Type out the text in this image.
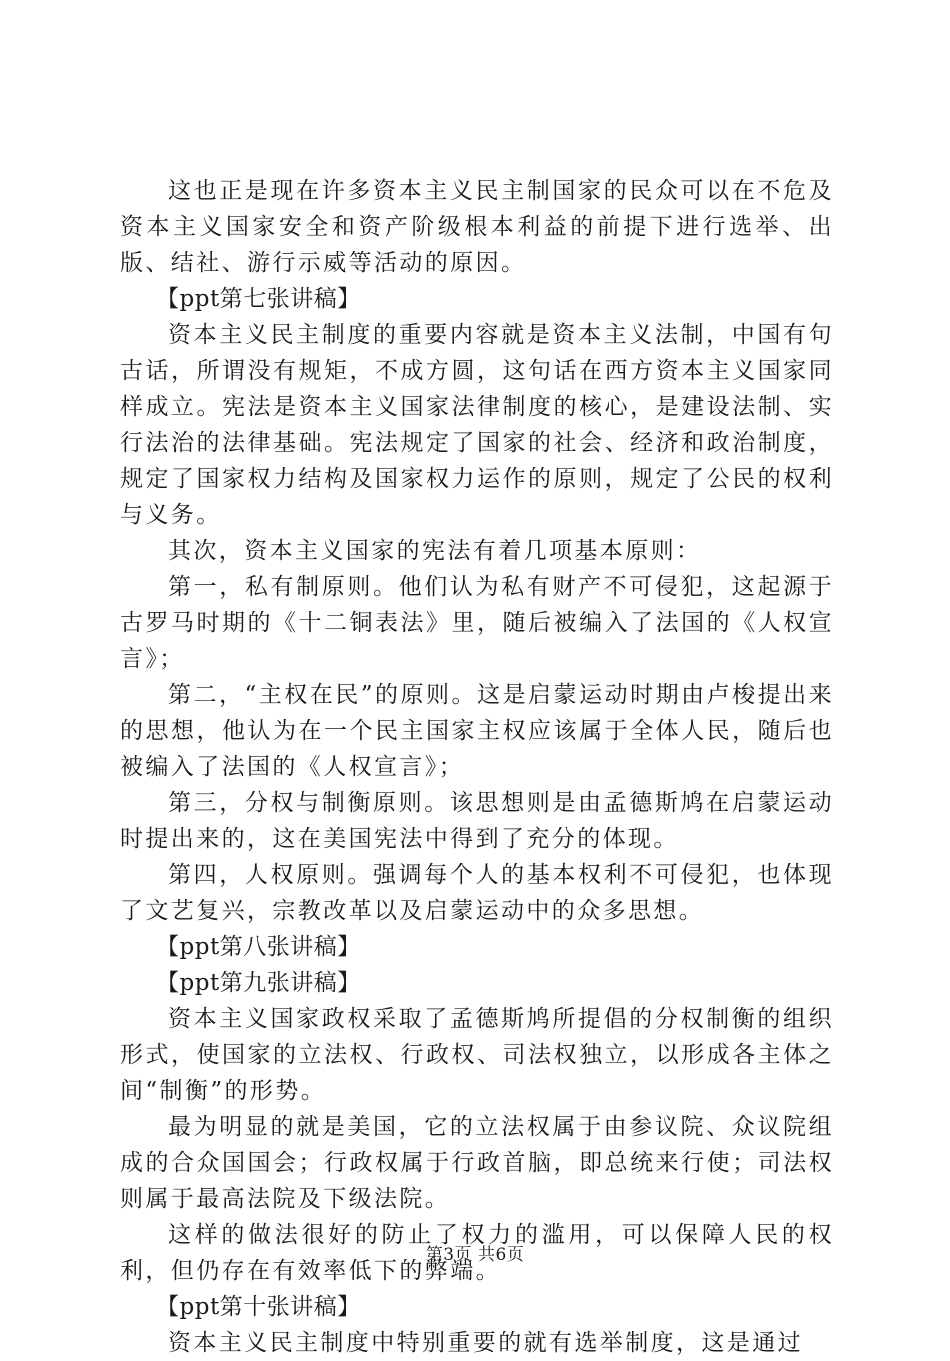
这也正是现在许多资本主义民主制国家的民众可以在不危及资本主义国家安全和资产阶级根本利益的前提下进行选举、出版、结社、游行示威等活动的原因。

【ppt第七张讲稿】

资本主义民主制度的重要内容就是资本主义法制，中国有句古话，所谓没有规矩，不成方圆，这句话在西方资本主义国家同样成立。宪法是资本主义国家法律制度的核心，是建设法制、实行法治的法律基础。宪法规定了国家的社会、经济和政治制度，规定了国家权力结构及国家权力运作的原则，规定了公民的权利与义务。

其次，资本主义国家的宪法有着几项基本原则：

第一，私有制原则。他们认为私有财产不可侵犯，这起源于古罗马时期的《十二铜表法》里，随后被编入了法国的《人权宣言》；

第二，“主权在民”的原则。这是启蒙运动时期由卢梭提出来的思想，他认为在一个民主国家主权应该属于全体人民，随后也被编入了法国的《人权宣言》；

第三，分权与制衡原则。该思想则是由孟德斯鸠在启蒙运动时提出来的，这在美国宪法中得到了充分的体现。

第四，人权原则。强调每个人的基本权利不可侵犯，也体现了文艺复兴，宗教改革以及启蒙运动中的众多思想。

【ppt第八张讲稿】

【ppt第九张讲稿】

资本主义国家政权采取了孟德斯鸠所提倡的分权制衡的组织形式，使国家的立法权、行政权、司法权独立，以形成各主体之间“制衡”的形势。

最为明显的就是美国，它的立法权属于由参议院、众议院组成的合众国国会；行政权属于行政首脑，即总统来行使；司法权则属于最高法院及下级法院。

这样的做法很好的防止了权力的滥用，可以保障人民的权利，但仍存在有效率低下的弊端。

【ppt第十张讲稿】

资本主义民主制度中特别重要的就有选举制度，这是通过

第3页 共6页
